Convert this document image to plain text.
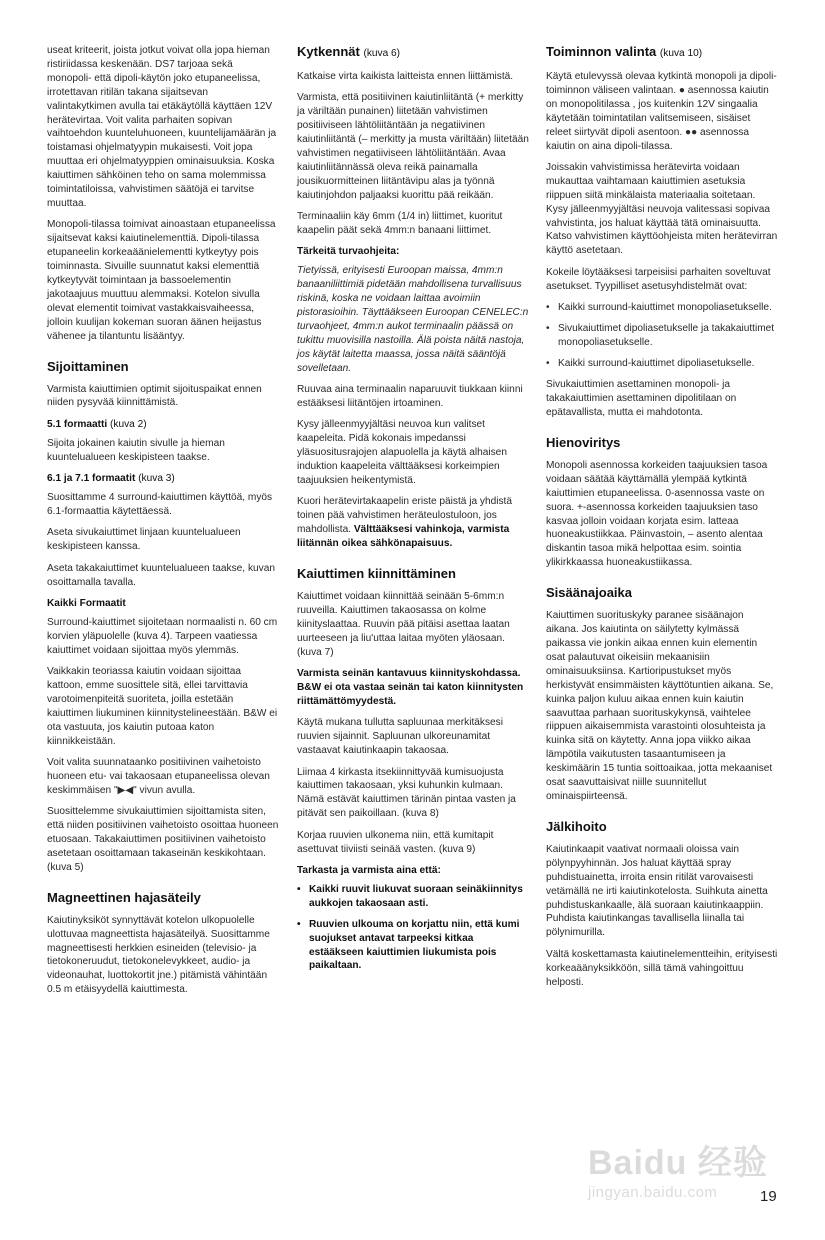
useat kriteerit, joista jotkut voivat olla jopa hieman ristiriidassa keskenään. DS7 tarjoaa sekä monopoli- että dipoli-käytön joko etupaneelissa, irrotettavan ritilän takana sijaitsevan valintakytkimen avulla tai etäkäytöllä käyttäen 12V herätevirtaa. Voit valita parhaiten sopivan vaihtoehdon kuunteluhuoneen, kuuntelijamäärän ja toistamasi ohjelmatyypin mukaisesti. Voit jopa muuttaa eri ohjelmatyyppien ominaisuuksia. Koska kaiuttimen sähköinen teho on sama molemmissa toimintatiloissa, vahvistimen säätöjä ei tarvitse muuttaa.

Monopoli-tilassa toimivat ainoastaan etupaneelissa sijaitsevat kaksi kaiutinelementtiä. Dipoli-tilassa etupaneelin korkeaäänielementti kytkeytyy pois toiminnasta. Sivuille suunnatut kaksi elementtiä kytkeytyvät toimintaan ja bassoelementin jakotaajuus muuttuu alemmaksi. Kotelon sivulla olevat elementit toimivat vastakkaisvaiheessa, jolloin kuulijan kokeman suoran äänen heijastus vähenee ja tilantuntu lisääntyy.

Sijoittaminen

Varmista kaiuttimien optimit sijoituspaikat ennen niiden pysyvää kiinnittämistä.

5.1 formaatti (kuva 2)

Sijoita jokainen kaiutin sivulle ja hieman kuuntelualueen keskipisteen taakse.

6.1 ja 7.1 formaatit (kuva 3)

Suosittamme 4 surround-kaiuttimen käyttöä, myös 6.1-formaattia käytettäessä.

Aseta sivukaiuttimet linjaan kuuntelualueen keskipisteen kanssa.

Aseta takakaiuttimet kuuntelualueen taakse, kuvan osoittamalla tavalla.

Kaikki Formaatit

Surround-kaiuttimet sijoitetaan normaalisti n. 60 cm korvien yläpuolelle (kuva 4). Tarpeen vaatiessa kaiuttimet voidaan sijoittaa myös ylemmäs.

Vaikkakin teoriassa kaiutin voidaan sijoittaa kattoon, emme suosittele sitä, ellei tarvittavia varotoimenpiteitä suoriteta, joilla estetään kaiuttimen liukuminen kiinnitystelineestään. B&W ei ota vastuuta, jos kaiutin putoaa katon kiinnikkeistään.

Voit valita suunnataanko positiivinen vaihetoisto huoneen etu- vai takaosaan etupaneelissa olevan keskimmäisen "▶◀" vivun avulla.

Suosittelemme sivukaiuttimien sijoittamista siten, että niiden positiivinen vaihetoisto osoittaa huoneen etuosaan. Takakaiuttimen positiivinen vaihetoisto asetetaan osoittamaan takaseinän keskikohtaan. (kuva 5)

Magneettinen hajasäteily

Kaiutinyksiköt synnyttävät kotelon ulkopuolelle ulottuvaa magneettista hajasäteilyä. Suosittamme magneettisesti herkkien esineiden (televisio- ja tietokoneruudut, tietokonelevykkeet, audio- ja videonauhat, luottokortit jne.) pitämistä vähintään 0.5 m etäisyydellä kaiuttimesta.

Kytkennät (kuva 6)

Katkaise virta kaikista laitteista ennen liittämistä.

Varmista, että positiivinen kaiutinliitäntä (+ merkitty ja väriltään punainen) liitetään vahvistimen positiiviseen lähtöliitäntään ja negatiivinen kaiutinliitäntä (– merkitty ja musta väriltään) liitetään vahvistimen negatiiviseen lähtöliitäntään. Avaa kaiutinliitännässä oleva reikä painamalla jousikuormitteinen liitäntävipu alas ja työnnä kaiutinjohdon paljaaksi kuorittu pää reikään.

Terminaaliin käy 6mm (1/4 in) liittimet, kuoritut kaapelin päät sekä 4mm:n banaani liittimet.

Tärkeitä turvaohjeita:

Tietyissä, erityisesti Euroopan maissa, 4mm:n banaaniliittimiä pidetään mahdollisena turvallisuus riskinä, koska ne voidaan laittaa avoimiin pistorasioihin. Täyttääkseen Euroopan CENELEC:n turvaohjeet, 4mm:n aukot terminaalin päässä on tukittu muovisilla nastoilla. Älä poista näitä nastoja, jos käytät laitetta maassa, jossa näitä sääntöjä sovelletaan.

Ruuvaa aina terminaalin naparuuvit tiukkaan kiinni estääksesi liitäntöjen irtoaminen.

Kysy jälleenmyyjältäsi neuvoa kun valitset kaapeleita. Pidä kokonais impedanssi yläsuositusrajojen alapuolella ja käytä alhaisen induktion kaapeleita välttääksesi korkeimpien taajuuksien heikentymistä.

Kuori herätevirtakaapelin eriste päistä ja yhdistä toinen pää vahvistimen heräteulostuloon, jos mahdollista. Välttääksesi vahinkoja, varmista liitännän oikea sähkönapaisuus.

Kaiuttimen kiinnittäminen

Kaiuttimet voidaan kiinnittää seinään 5-6mm:n ruuveilla. Kaiuttimen takaosassa on kolme kiinityslaattaa. Ruuvin pää pitäisi asettaa laatan uurteeseen ja liu'uttaa laitaa myöten yläosaan. (kuva 7)

Varmista seinän kantavuus kiinnityskohdassa. B&W ei ota vastaa seinän tai katon kiinnitysten riittämättömyydestä.

Käytä mukana tullutta sapluunaa merkitäksesi ruuvien sijainnit. Sapluunan ulkoreunamitat vastaavat kaiutinkaapin takaosaa.

Liimaa 4 kirkasta itsekiinnittyvää kumisuojusta kaiuttimen takaosaan, yksi kuhunkin kulmaan. Nämä estävät kaiuttimen tärinän pintaa vasten ja pitävät sen paikoillaan. (kuva 8)

Korjaa ruuvien ulkonema niin, että kumitapit asettuvat tiiviisti seinää vasten. (kuva 9)

Tarkasta ja varmista aina että:
• Kaikki ruuvit liukuvat suoraan seinäkiinnitys aukkojen takaosaan asti.
• Ruuvien ulkouma on korjattu niin, että kumi suojukset antavat tarpeeksi kitkaa estääkseen kaiuttimien liukumista pois paikaltaan.
Toiminnon valinta (kuva 10)

Käytä etulevyssä olevaa kytkintä monopoli ja dipoli-toiminnon väliseen valintaan. ● asennossa kaiutin on monopolitilassa , jos kuitenkin 12V singaalia käytetään toimintatilan valitsemiseen, sisäiset releet siirtyvät dipoli asentoon. ●● asennossa kaiutin on aina dipoli-tilassa.

Joissakin vahvistimissa herätevirta voidaan mukauttaa vaihtamaan kaiuttimien asetuksia riippuen siitä minkälaista materiaalia soitetaan. Kysy jälleenmyyjältäsi neuvoja valitessasi sopivaa vahvistinta, jos haluat käyttää tätä ominaisuutta. Katso vahvistimen käyttöohjeista miten herätevirran käyttö asetetaan.

Kokeile löytääksesi tarpeisiisi parhaiten soveltuvat asetukset. Tyypilliset asetusyhdistelmät ovat:

• Kaikki surround-kaiuttimet monopoliasetukselle.
• Sivukaiuttimet dipoliasetukselle ja takakaiuttimet monopoliasetukselle.
• Kaikki surround-kaiuttimet dipoliasetukselle.

Sivukaiuttimien asettaminen monopoli- ja takakaiuttimien asettaminen dipolitilaan on epätavallista, mutta ei mahdotonta.

Hienoviritys

Monopoli asennossa korkeiden taajuuksien tasoa voidaan säätää käyttämällä ylempää kytkintä kaiuttimien etupaneelissa. 0-asennossa vaste on suora. +-asennossa korkeiden taajuuksien taso kasvaa jolloin voidaan korjata esim. latteaa huoneakustiikkaa. Päinvastoin, – asento alentaa diskantin tasoa mikä helpottaa esim. sointia ylikirkkaassa huoneakustiikassa.

Sisäänajoaika

Kaiuttimen suorituskyky paranee sisäänajon aikana. Jos kaiutinta on säilytetty kylmässä paikassa vie jonkin aikaa ennen kuin elementin osat palautuvat oikeisiin mekaanisiin ominaisuuksiinsa. Kartioripustukset myös herkistyvät ensimmäisten käyttötuntien aikana. Se, kuinka paljon kuluu aikaa ennen kuin kaiutin saavuttaa parhaan suorituskykynsä, vaihtelee riippuen aikaisemmista varastointi olosuhteista ja kuinka sitä on käytetty. Anna jopa viikko aikaa lämpötila vaikutusten tasaantumiseen ja keskimäärin 15 tuntia soittoaikaa, jotta mekaaniset osat saavuttaisivat niille suunnitellut ominaispiirteensä.

Jälkihoito

Kaiutinkaapit vaativat normaali oloissa vain pölynpyyhinnän. Jos haluat käyttää spray puhdistuainetta, irroita ensin ritilät varovaisesti vetämällä ne irti kaiutinkotelosta. Suihkuta ainetta puhdistuskankaalle, älä suoraan kaiutinkaappiin. Puhdista kaiutinkangas tavallisella liinalla tai pölynimurilla.

Vältä koskettamasta kaiutinelementteihin, erityisesti korkeaäänyksikköön, sillä tämä vahingoittuu helposti.

Baidu 经验
jingyan.baidu.com	19
